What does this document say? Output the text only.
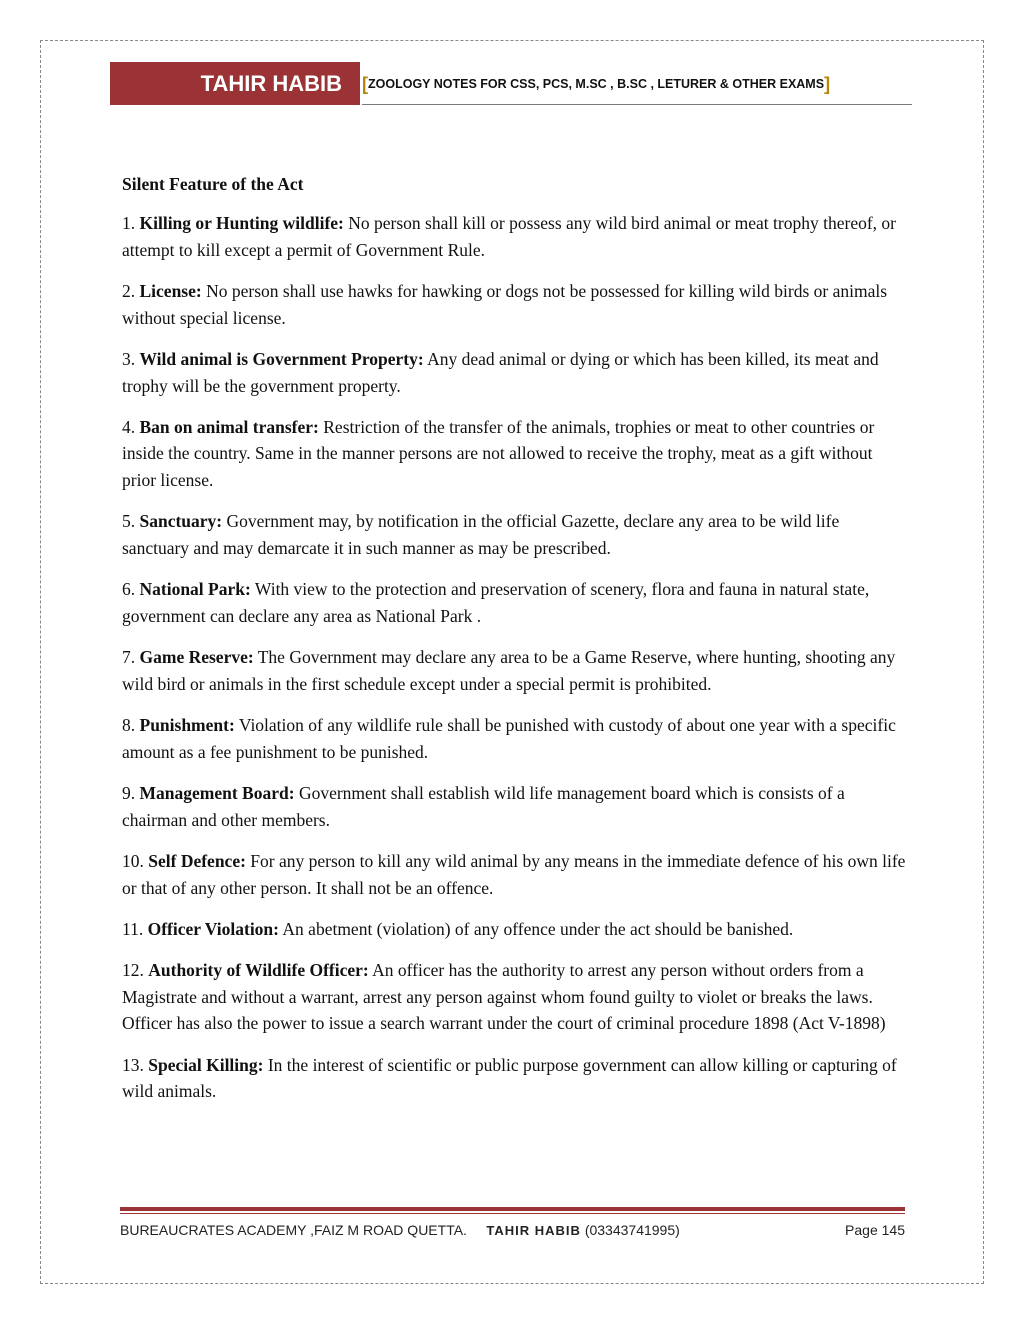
TAHIR HABIB [ZOOLOGY NOTES FOR CSS, PCS, M.SC , B.SC , LETURER & OTHER EXAMS]
Silent Feature of the Act
1. Killing or Hunting wildlife: No person shall kill or possess any wild bird animal or meat trophy thereof, or attempt to kill except a permit of Government Rule.
2. License: No person shall use hawks for hawking or dogs not be possessed for killing wild birds or animals without special license.
3. Wild animal is Government Property: Any dead animal or dying or which has been killed, its meat and trophy will be the government property.
4. Ban on animal transfer: Restriction of the transfer of the animals, trophies or meat to other countries or inside the country. Same in the manner persons are not allowed to receive the trophy, meat as a gift without prior license.
5. Sanctuary: Government may, by notification in the official Gazette, declare any area to be wild life sanctuary and may demarcate it in such manner as may be prescribed.
6. National Park: With view to the protection and preservation of scenery, flora and fauna in natural state, government can declare any area as National Park .
7. Game Reserve: The Government may declare any area to be a Game Reserve, where hunting, shooting any wild bird or animals in the first schedule except under a special permit is prohibited.
8. Punishment: Violation of any wildlife rule shall be punished with custody of about one year with a specific amount as a fee punishment to be punished.
9. Management Board: Government shall establish wild life management board which is consists of a chairman and other members.
10. Self Defence: For any person to kill any wild animal by any means in the immediate defence of his own life or that of any other person. It shall not be an offence.
11. Officer Violation: An abetment (violation) of any offence under the act should be banished.
12. Authority of Wildlife Officer: An officer has the authority to arrest any person without orders from a Magistrate and without a warrant, arrest any person against whom found guilty to violet or breaks the laws. Officer has also the power to issue a search warrant under the court of criminal procedure 1898 (Act V-1898)
13. Special Killing: In the interest of scientific or public purpose government can allow killing or capturing of wild animals.
BUREAUCRATES ACADEMY ,FAIZ M ROAD QUETTA. TAHIR HABIB (03343741995)	Page 145
